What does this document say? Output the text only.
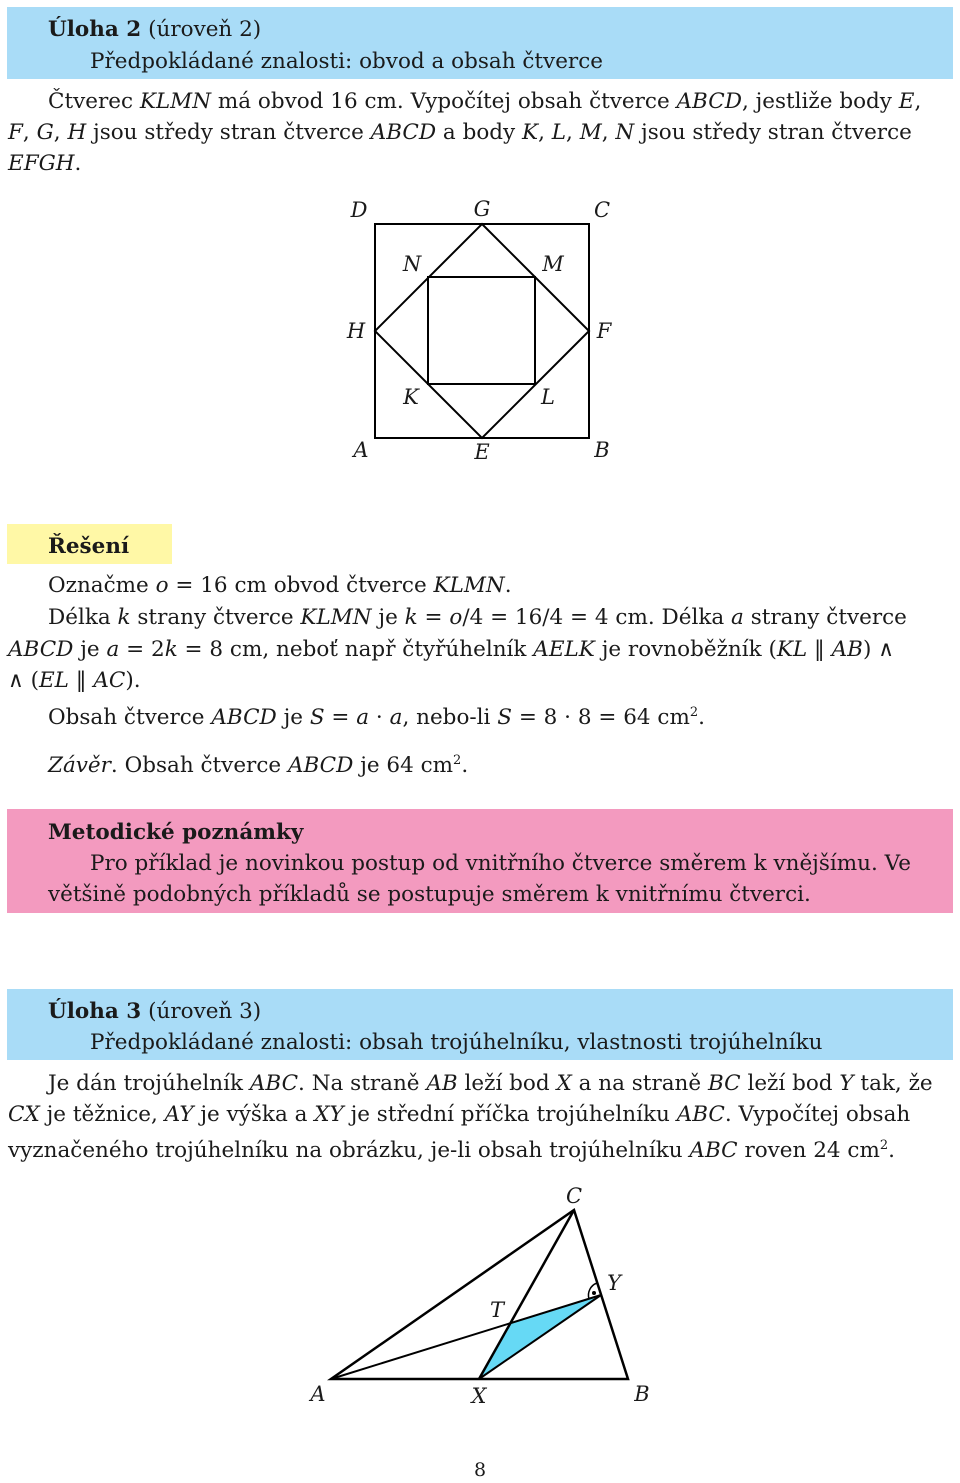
Úloha 2 (úroveň 2)
Předpokládané znalosti: obvod a obsah čtverce
Čtverec KLMN má obvod 16 cm. Vypočítej obsah čtverce ABCD, jestliže body E,
F, G, H jsou středy stran čtverce ABCD a body K, L, M, N jsou středy stran čtverce
EFGH.
D	G	C
N	M
H	F
K	L
A	E	B
Řešení
Označme o = 16 cm obvod čtverce KLMN.
Délka k strany čtverce KLMN je k = o/4 = 16/4 = 4 cm. Délka a strany čtverce
ABCD je a = 2k = 8 cm, neboť např čtyřúhelník AELK je rovnoběžník (KL ‖ AB) ∧
∧ (EL ‖ AC).
Obsah čtverce ABCD je S = a · a, nebo-li S = 8 · 8 = 64 $cm^2$.
Závěr. Obsah čtverce ABCD je 64 $cm^2$.
Metodické poznámky
Pro příklad je novinkou postup od vnitřního čtverce směrem k vnějšímu. Ve
většině podobných příkladů se postupuje směrem k vnitřnímu čtverci.
Úloha 3 (úroveň 3)
Předpokládané znalosti: obsah trojúhelníku, vlastnosti trojúhelníku
Je dán trojúhelník ABC. Na straně AB leží bod X a na straně BC leží bod Y tak, že
CX je těžnice, AY je výška a XY je střední příčka trojúhelníku ABC. Vypočítej obsah
vyznačeného trojúhelníku na obrázku, je-li obsah trojúhelníku ABC roven 24 $cm^2$.
C
Y
T
A	X	B
8
